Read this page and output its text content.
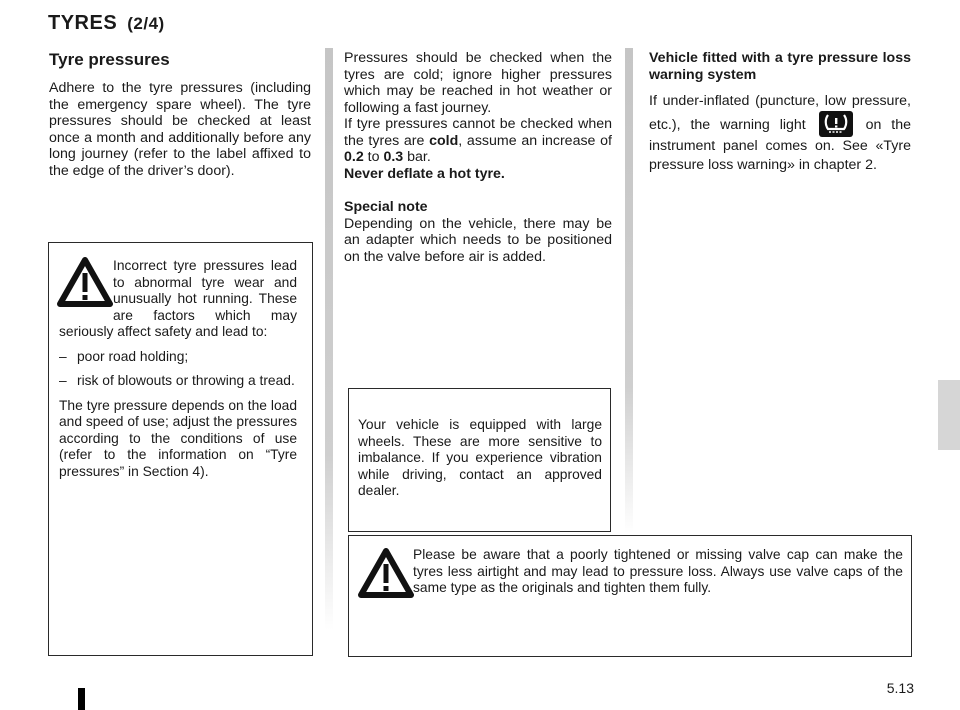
TYRES (2/4)
Tyre pressures
Adhere to the tyre pressures (including the emergency spare wheel). The tyre pressures should be checked at least once a month and additionally before any long journey (refer to the label affixed to the edge of the driver’s door).
Pressures should be checked when the tyres are cold; ignore higher pressures which may be reached in hot weather or following a fast journey.
If tyre pressures cannot be checked when the tyres are cold, assume an increase of 0.2 to 0.3 bar.
Never deflate a hot tyre.
Special note
Depending on the vehicle, there may be an adapter which needs to be positioned on the valve before air is added.
Vehicle fitted with a tyre pressure loss warning system
If under-inflated (puncture, low pressure, etc.), the warning light	on the instrument panel comes on. See «Tyre pressure loss warning» in chapter 2.
Incorrect tyre pressures lead to abnormal tyre wear and unusually hot running. These are factors which may seriously affect safety and lead to:
– poor road holding;
– risk of blowouts or throwing a tread.
The tyre pressure depends on the load and speed of use; adjust the pressures according to the conditions of use (refer to the information on “Tyre pressures” in Section 4).
Your vehicle is equipped with large wheels. These are more sensitive to imbalance. If you experience vibration while driving, contact an approved dealer.
Please be aware that a poorly tightened or missing valve cap can make the tyres less airtight and may lead to pressure loss. Always use valve caps of the same type as the originals and tighten them fully.
5.13
